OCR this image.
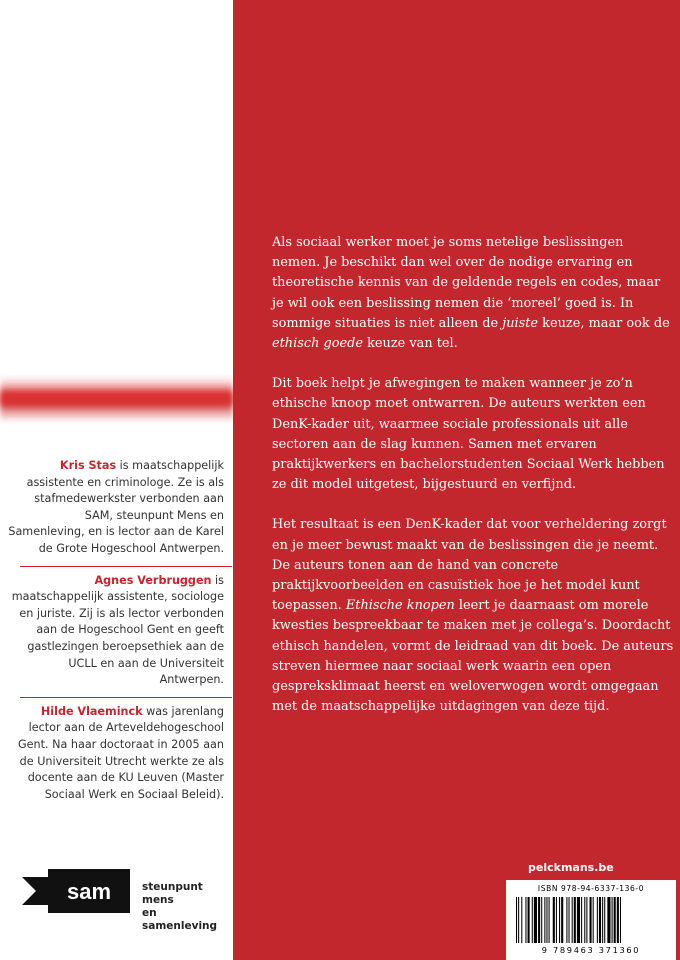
Kris Stas is maatschappelijk assistente en criminologe. Ze is als stafmedewerkster verbonden aan SAM, steunpunt Mens en Samenleving, en is lector aan de Karel de Grote Hogeschool Antwerpen.

Agnes Verbruggen is maatschappelijk assistente, sociologe en juriste. Zij is als lector verbonden aan de Hogeschool Gent en geeft gastlezingen beroepsethiek aan de UCLL en aan de Universiteit Antwerpen.

Hilde Vlaeminck was jarenlang lector aan de Arteveldehogeschool Gent. Na haar doctoraat in 2005 aan de Universiteit Utrecht werkte ze als docente aan de KU Leuven (Master Sociaal Werk en Sociaal Beleid).

sam	steunpunt mens
en samenleving

Als sociaal werker moet je soms netelige beslissingen nemen. Je beschikt dan wel over de nodige ervaring en theoretische kennis van de geldende regels en codes, maar je wil ook een beslissing nemen die ‘moreel’ goed is. In sommige situaties is niet alleen de juiste keuze, maar ook de ethisch goede keuze van tel.

Dit boek helpt je afwegingen te maken wanneer je zo’n ethische knoop moet ontwarren. De auteurs werkten een DenK-kader uit, waarmee sociale professionals uit alle sectoren aan de slag kunnen. Samen met ervaren praktijkwerkers en bachelorstudenten Sociaal Werk hebben ze dit model uitgetest, bijgestuurd en verfijnd.

Het resultaat is een DenK-kader dat voor verheldering zorgt en je meer bewust maakt van de beslissingen die je neemt. De auteurs tonen aan de hand van concrete praktijkvoorbeelden en casuïstiek hoe je het model kunt toepassen. Ethische knopen leert je daarnaast om morele kwesties bespreekbaar te maken met je collega’s. Doordacht ethisch handelen, vormt de leidraad van dit boek. De auteurs streven hiermee naar sociaal werk waarin een open gespreksklimaat heerst en weloverwogen wordt omgegaan met de maatschappelijke uitdagingen van deze tijd.

pelckmans.be
ISBN 978-94-6337-136-0
9 789463 371360
